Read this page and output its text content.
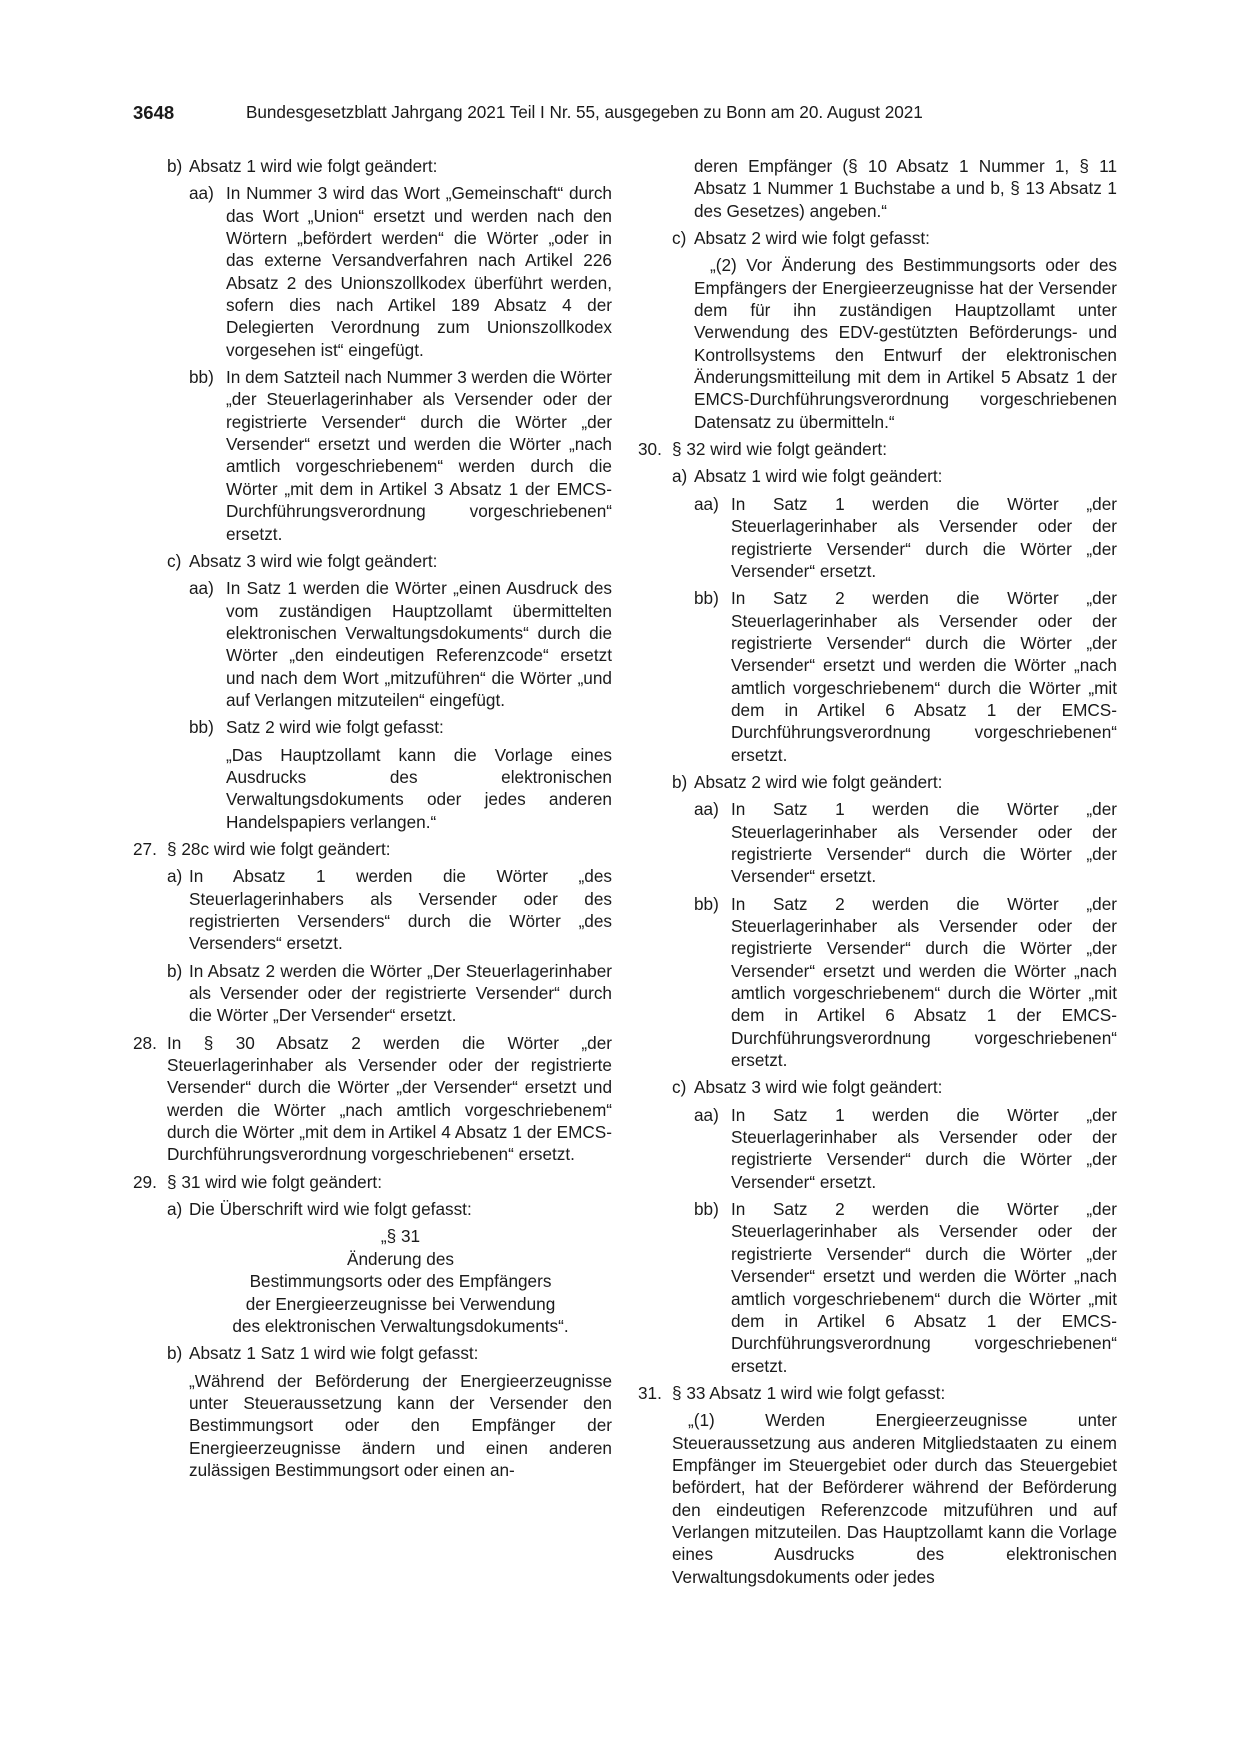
3648	Bundesgesetzblatt Jahrgang 2021 Teil I Nr. 55, ausgegeben zu Bonn am 20. August 2021

b) Absatz 1 wird wie folgt geändert:

aa) In Nummer 3 wird das Wort „Gemeinschaft“ durch das Wort „Union“ ersetzt und werden nach den Wörtern „befördert werden“ die Wörter „oder in das externe Versandverfahren nach Artikel 226 Absatz 2 des Unionszollkodex überführt werden, sofern dies nach Artikel 189 Absatz 4 der Delegierten Verordnung zum Unionszollkodex vorgesehen ist“ eingefügt.

bb) In dem Satzteil nach Nummer 3 werden die Wörter „der Steuerlagerinhaber als Versender oder der registrierte Versender“ durch die Wörter „der Versender“ ersetzt und werden die Wörter „nach amtlich vorgeschriebenem“ werden durch die Wörter „mit dem in Artikel 3 Absatz 1 der EMCS-Durchführungsverordnung vorgeschriebenen“ ersetzt.

c) Absatz 3 wird wie folgt geändert:

aa) In Satz 1 werden die Wörter „einen Ausdruck des vom zuständigen Hauptzollamt übermittelten elektronischen Verwaltungsdokuments“ durch die Wörter „den eindeutigen Referenzcode“ ersetzt und nach dem Wort „mitzuführen“ die Wörter „und auf Verlangen mitzuteilen“ eingefügt.

bb) Satz 2 wird wie folgt gefasst:

„Das Hauptzollamt kann die Vorlage eines Ausdrucks des elektronischen Verwaltungsdokuments oder jedes anderen Handelspapiers verlangen.“

27. § 28c wird wie folgt geändert:

a) In Absatz 1 werden die Wörter „des Steuerlagerinhabers als Versender oder des registrierten Versenders“ durch die Wörter „des Versenders“ ersetzt.

b) In Absatz 2 werden die Wörter „Der Steuerlagerinhaber als Versender oder der registrierte Versender“ durch die Wörter „Der Versender“ ersetzt.

28. In § 30 Absatz 2 werden die Wörter „der Steuerlagerinhaber als Versender oder der registrierte Versender“ durch die Wörter „der Versender“ ersetzt und werden die Wörter „nach amtlich vorgeschriebenem“ durch die Wörter „mit dem in Artikel 4 Absatz 1 der EMCS-Durchführungsverordnung vorgeschriebenen“ ersetzt.

29. § 31 wird wie folgt geändert:

a) Die Überschrift wird wie folgt gefasst:

„§ 31

Änderung des

Bestimmungsorts oder des Empfängers

der Energieerzeugnisse bei Verwendung

des elektronischen Verwaltungsdokuments“.

b) Absatz 1 Satz 1 wird wie folgt gefasst:

„Während der Beförderung der Energieerzeugnisse unter Steueraussetzung kann der Versender den Bestimmungsort oder den Empfänger der Energieerzeugnisse ändern und einen anderen zulässigen Bestimmungsort oder einen an-

deren Empfänger (§ 10 Absatz 1 Nummer 1, § 11 Absatz 1 Nummer 1 Buchstabe a und b, § 13 Absatz 1 des Gesetzes) angeben.“

c) Absatz 2 wird wie folgt gefasst:

„(2) Vor Änderung des Bestimmungsorts oder des Empfängers der Energieerzeugnisse hat der Versender dem für ihn zuständigen Hauptzollamt unter Verwendung des EDV-gestützten Beförderungs- und Kontrollsystems den Entwurf der elektronischen Änderungsmitteilung mit dem in Artikel 5 Absatz 1 der EMCS-Durchführungsverordnung vorgeschriebenen Datensatz zu übermitteln.“

30. § 32 wird wie folgt geändert:

a) Absatz 1 wird wie folgt geändert:

aa) In Satz 1 werden die Wörter „der Steuerlagerinhaber als Versender oder der registrierte Versender“ durch die Wörter „der Versender“ ersetzt.

bb) In Satz 2 werden die Wörter „der Steuerlagerinhaber als Versender oder der registrierte Versender“ durch die Wörter „der Versender“ ersetzt und werden die Wörter „nach amtlich vorgeschriebenem“ durch die Wörter „mit dem in Artikel 6 Absatz 1 der EMCS-Durchführungsverordnung vorgeschriebenen“ ersetzt.

b) Absatz 2 wird wie folgt geändert:

aa) In Satz 1 werden die Wörter „der Steuerlagerinhaber als Versender oder der registrierte Versender“ durch die Wörter „der Versender“ ersetzt.

bb) In Satz 2 werden die Wörter „der Steuerlagerinhaber als Versender oder der registrierte Versender“ durch die Wörter „der Versender“ ersetzt und werden die Wörter „nach amtlich vorgeschriebenem“ durch die Wörter „mit dem in Artikel 6 Absatz 1 der EMCS-Durchführungsverordnung vorgeschriebenen“ ersetzt.

c) Absatz 3 wird wie folgt geändert:

aa) In Satz 1 werden die Wörter „der Steuerlagerinhaber als Versender oder der registrierte Versender“ durch die Wörter „der Versender“ ersetzt.

bb) In Satz 2 werden die Wörter „der Steuerlagerinhaber als Versender oder der registrierte Versender“ durch die Wörter „der Versender“ ersetzt und werden die Wörter „nach amtlich vorgeschriebenem“ durch die Wörter „mit dem in Artikel 6 Absatz 1 der EMCS-Durchführungsverordnung vorgeschriebenen“ ersetzt.

31. § 33 Absatz 1 wird wie folgt gefasst:

„(1) Werden Energieerzeugnisse unter Steueraussetzung aus anderen Mitgliedstaaten zu einem Empfänger im Steuergebiet oder durch das Steuergebiet befördert, hat der Beförderer während der Beförderung den eindeutigen Referenzcode mitzuführen und auf Verlangen mitzuteilen. Das Hauptzollamt kann die Vorlage eines Ausdrucks des elektronischen Verwaltungsdokuments oder jedes
